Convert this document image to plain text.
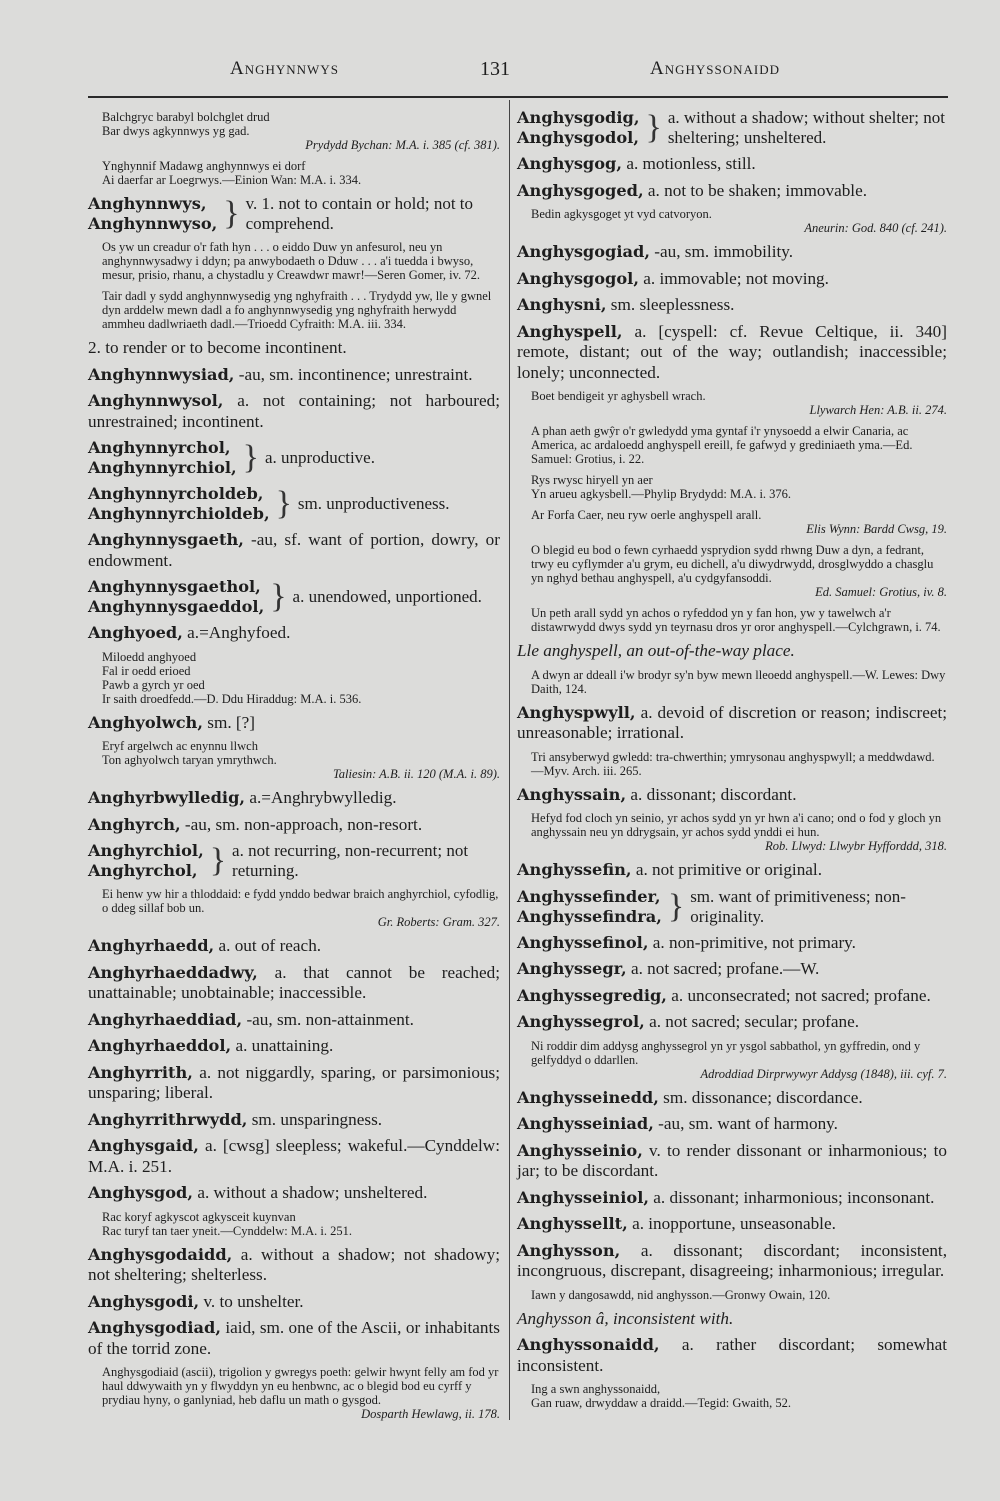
Anghynnwys	131	Anghyssonaidd
Balchgryc barabyl bolchglet drud
Bar dwys agkynnwys yg gad.
Prydydd Bychan: M.A. i. 385 (cf. 381).
Ynghynnif Madawg anghynnwys ei dorf
Ai daerfar ar Loegrwys.—Einion Wan: M.A. i. 334.
Anghynnwys,
Anghynnwyso, } v. 1. not to contain or hold; not to comprehend.
Os yw un creadur o'r fath hyn . . . o eiddo Duw yn anfesurol, neu yn anghynnwysadwy i ddyn; pa anwybodaeth o Dduw . . . a'i tuedda i bwyso, mesur, prisio, rhanu, a chystadlu y Creawdwr mawr!—Seren Gomer, iv. 72.
Tair dadl y sydd anghynnwysedig yng nghyfraith . . . Trydydd yw, lle y gwnel dyn arddelw mewn dadl a fo anghynnwysedig yng nghyfraith herwydd ammheu dadlwriaeth dadl.—Trioedd Cyfraith: M.A. iii. 334.
2. to render or to become incontinent.
Anghynnwysiad, -au, sm. incontinence; unrestraint.
Anghynnwysol, a. not containing; not harboured; unrestrained; incontinent.
Anghynnyrchol,
Anghynnyrchiol, } a. unproductive.
Anghynnyrcholdeb,
Anghynnyrchioldeb, } sm. unproductiveness.
Anghynnysgaeth, -au, sf. want of portion, dowry, or endowment.
Anghynnysgaethol,
Anghynnysgaeddol, } a. unendowed, unportioned.
Anghyoed, a.=Anghyfoed.
Miloedd anghyoed
Fal ir oedd erioed
Pawb a gyrch yr oed
Ir saith droedfedd.—D. Ddu Hiraddug: M.A. i. 536.
Anghyolwch, sm. [?]
Eryf argelwch ac enynnu llwch
Ton aghyolwch taryan ymrythwch.
Taliesin: A.B. ii. 120 (M.A. i. 89).
Anghyrbwylledig, a.=Anghrybwylledig.
Anghyrch, -au, sm. non-approach, non-resort.
Anghyrchiol,
Anghyrchol, } a. not recurring, non-recurrent; not returning.
Ei henw yw hir a thloddaid: e fydd ynddo bedwar braich anghyrchiol, cyfodlig, o ddeg sillaf bob un.
Gr. Roberts: Gram. 327.
Anghyrhaedd, a. out of reach.
Anghyrhaeddadwy, a. that cannot be reached; unattainable; unobtainable; inaccessible.
Anghyrhaeddiad, -au, sm. non-attainment.
Anghyrhaeddol, a. unattaining.
Anghyrrith, a. not niggardly, sparing, or parsimonious; unsparing; liberal.
Anghyrrithrwydd, sm. unsparingness.
Anghysgaid, a. [cwsg] sleepless; wakeful.—Cynddelw: M.A. i. 251.
Anghysgod, a. without a shadow; unsheltered.
Rac koryf agkyscot agkysceit kuynvan
Rac turyf tan taer yneit.—Cynddelw: M.A. i. 251.
Anghysgodaidd, a. without a shadow; not shadowy; not sheltering; shelterless.
Anghysgodi, v. to unshelter.
Anghysgodiad, iaid, sm. one of the Ascii, or inhabitants of the torrid zone.
Anghysgodiaid (ascii), trigolion y gwregys poeth: gelwir hwynt felly am fod yr haul ddwywaith yn y flwyddyn yn eu henbwnc, ac o blegid bod eu cyrff y prydiau hyny, o ganlyniad, heb daflu un math o gysgod.
Dosparth Hewlawg, ii. 178.
Anghysgodig,
Anghysgodol, } a. without a shadow; without shelter; not sheltering; unsheltered.
Anghysgog, a. motionless, still.
Anghysgoged, a. not to be shaken; immovable.
Bedin agkysgoget yt vyd catvoryon.
Aneurin: God. 840 (cf. 241).
Anghysgogiad, -au, sm. immobility.
Anghysgogol, a. immovable; not moving.
Anghysni, sm. sleeplessness.
Anghyspell, a. [cyspell: cf. Revue Celtique, ii. 340] remote, distant; out of the way; outlandish; inaccessible; lonely; unconnected.
Boet bendigeit yr aghysbell wrach.
Llywarch Hen: A.B. ii. 274.
A phan aeth gwŷr o'r gwledydd yma gyntaf i'r ynysoedd a elwir Canaria, ac America, ac ardaloedd anghyspell ereill, fe gafwyd y grediniaeth yma.—Ed. Samuel: Grotius, i. 22.
Rys rwysc hiryell yn aer
Yn arueu agkysbell.—Phylip Brydydd: M.A. i. 376.
Ar Forfa Caer, neu ryw oerle anghyspell arall.
Elis Wynn: Bardd Cwsg, 19.
O blegid eu bod o fewn cyrhaedd ysprydion sydd rhwng Duw a dyn, a fedrant, trwy eu cyflymder a'u grym, eu dichell, a'u diwydrwydd, drosglwyddo a chasglu yn nghyd bethau anghyspell, a'u cydgyfansoddi.
Ed. Samuel: Grotius, iv. 8.
Un peth arall sydd yn achos o ryfeddod yn y fan hon, yw y tawelwch a'r distawrwydd dwys sydd yn teyrnasu dros yr oror anghyspell.—Cylchgrawn, i. 74.
Lle anghyspell, an out-of-the-way place.
A dwyn ar ddeall i'w brodyr sy'n byw mewn lleoedd anghyspell.—W. Lewes: Dwy Daith, 124.
Anghyspwyll, a. devoid of discretion or reason; indiscreet; unreasonable; irrational.
Tri ansyberwyd gwledd: tra-chwerthin; ymrysonau anghyspwyll; a meddwdawd.—Myv. Arch. iii. 265.
Anghyssain, a. dissonant; discordant.
Hefyd fod cloch yn seinio, yr achos sydd yn yr hwn a'i cano; ond o fod y gloch yn anghyssain neu yn ddrygsain, yr achos sydd ynddi ei hun.
Rob. Llwyd: Llwybr Hyfforddd, 318.
Anghyssefin, a. not primitive or original.
Anghyssefinder,
Anghyssefindra, } sm. want of primitiveness; non-originality.
Anghyssefinol, a. non-primitive, not primary.
Anghyssegr, a. not sacred; profane.—W.
Anghyssegredig, a. unconsecrated; not sacred; profane.
Anghyssegrol, a. not sacred; secular; profane.
Ni roddir dim addysg anghyssegrol yn yr ysgol sabbathol, yn gyffredin, ond y gelfyddyd o ddarllen.
Adroddiad Dirprwywyr Addysg (1848), iii. cyf. 7.
Anghysseinedd, sm. dissonance; discordance.
Anghysseiniad, -au, sm. want of harmony.
Anghysseinio, v. to render dissonant or inharmonious; to jar; to be discordant.
Anghysseiniol, a. dissonant; inharmonious; inconsonant.
Anghyssellt, a. inopportune, unseasonable.
Anghysson, a. dissonant; discordant; inconsistent, incongruous, discrepant, disagreeing; inharmonious; irregular.
Iawn y dangosawdd, nid anghysson.—Gronwy Owain, 120.
Anghysson â, inconsistent with.
Anghyssonaidd, a. rather discordant; somewhat inconsistent.
Ing a swn anghyssonaidd,
Gan ruaw, drwyddaw a draidd.—Tegid: Gwaith, 52.
